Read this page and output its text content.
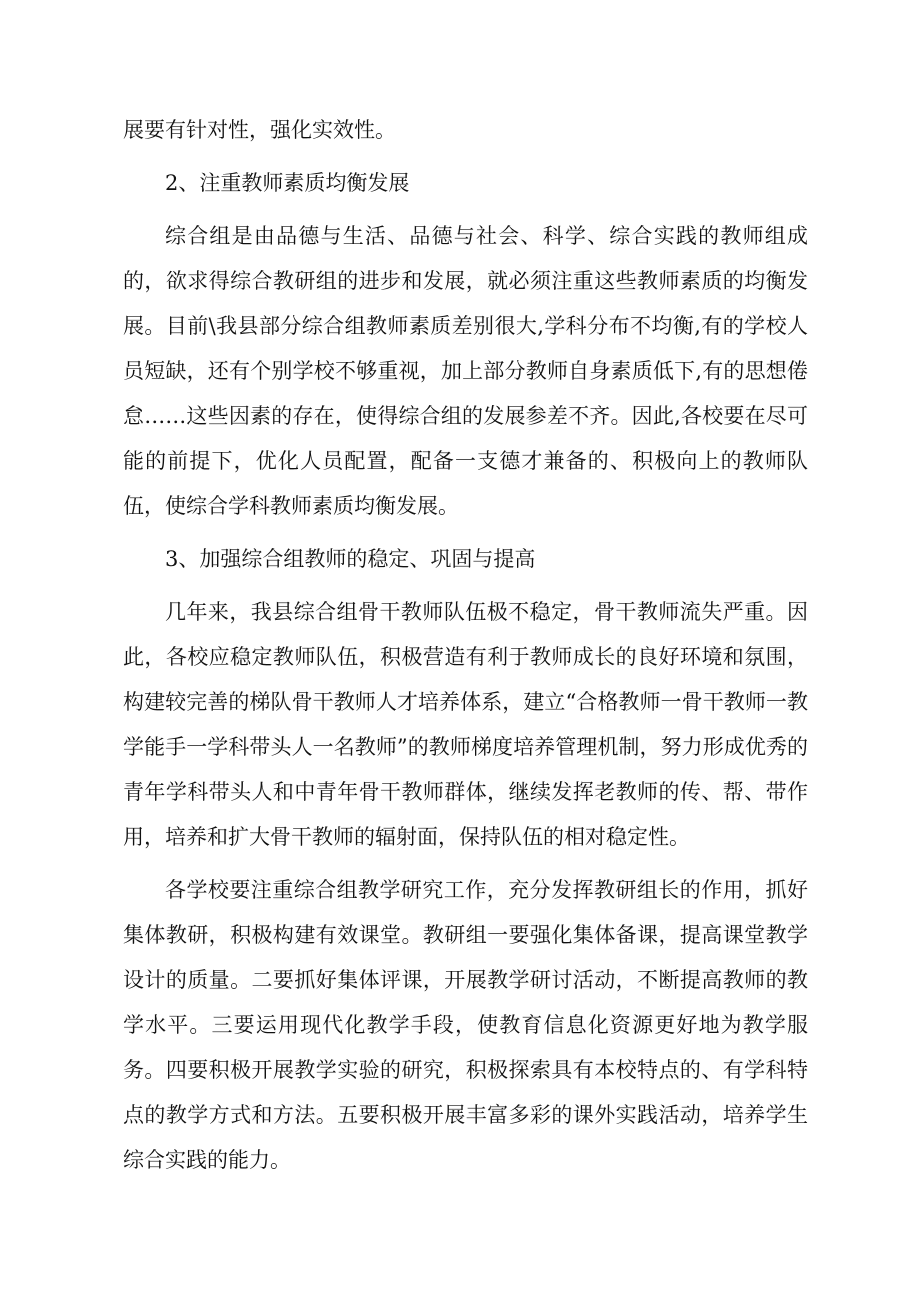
展要有针对性，强化实效性。

2、注重教师素质均衡发展

综合组是由品德与生活、品德与社会、科学、综合实践的教师组成的，欲求得综合教研组的进步和发展，就必须注重这些教师素质的均衡发展。目前\我县部分综合组教师素质差别很大,学科分布不均衡,有的学校人员短缺，还有个别学校不够重视，加上部分教师自身素质低下,有的思想倦怠……这些因素的存在，使得综合组的发展参差不齐。因此,各校要在尽可能的前提下，优化人员配置，配备一支德才兼备的、积极向上的教师队伍，使综合学科教师素质均衡发展。

3、加强综合组教师的稳定、巩固与提高

几年来，我县综合组骨干教师队伍极不稳定，骨干教师流失严重。因此，各校应稳定教师队伍，积极营造有利于教师成长的良好环境和氛围，构建较完善的梯队骨干教师人才培养体系，建立“合格教师一骨干教师一教学能手一学科带头人一名教师”的教师梯度培养管理机制，努力形成优秀的青年学科带头人和中青年骨干教师群体，继续发挥老教师的传、帮、带作用，培养和扩大骨干教师的辐射面，保持队伍的相对稳定性。

各学校要注重综合组教学研究工作，充分发挥教研组长的作用，抓好集体教研，积极构建有效课堂。教研组一要强化集体备课，提高课堂教学设计的质量。二要抓好集体评课，开展教学研讨活动，不断提高教师的教学水平。三要运用现代化教学手段，使教育信息化资源更好地为教学服务。四要积极开展教学实验的研究，积极探索具有本校特点的、有学科特点的教学方式和方法。五要积极开展丰富多彩的课外实践活动，培养学生综合实践的能力。
